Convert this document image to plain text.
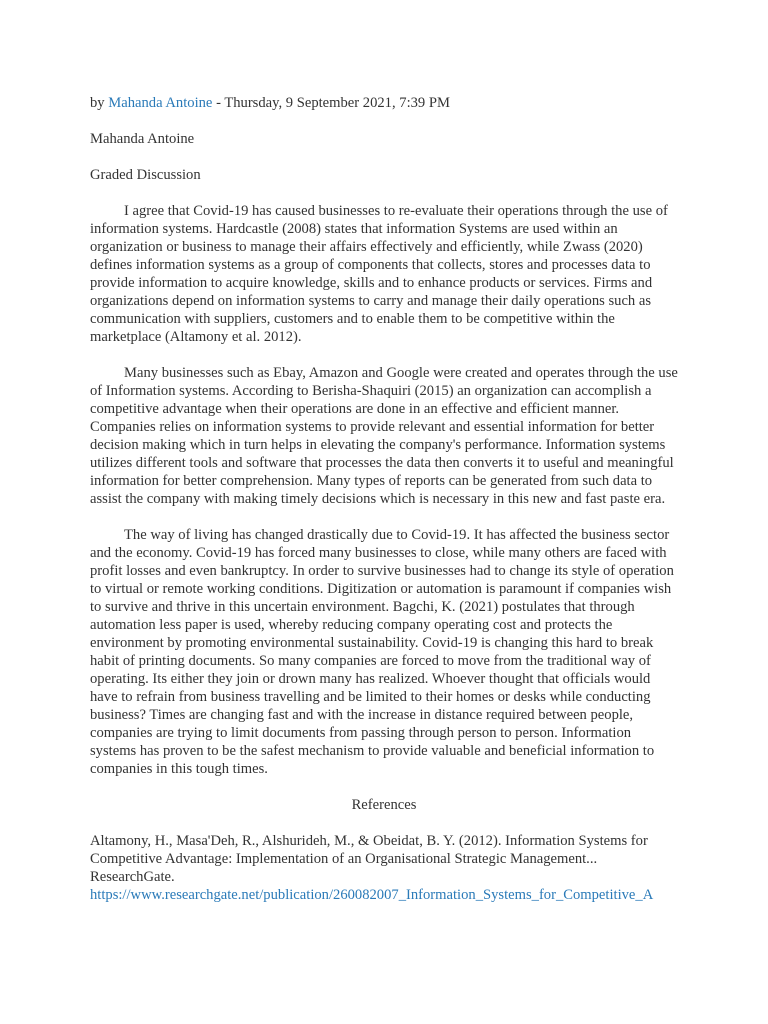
by Mahanda Antoine - Thursday, 9 September 2021, 7:39 PM
Mahanda Antoine
Graded Discussion

I agree that Covid-19 has caused businesses to re-evaluate their operations through the use of information systems. Hardcastle (2008) states that information Systems are used within an organization or business to manage their affairs effectively and efficiently, while Zwass (2020) defines information systems as a group of components that collects, stores and processes data to provide information to acquire knowledge, skills and to enhance products or services. Firms and organizations depend on information systems to carry and manage their daily operations such as communication with suppliers, customers and to enable them to be competitive within the marketplace (Altamony et al. 2012).

Many businesses such as Ebay, Amazon and Google were created and operates through the use of Information systems. According to Berisha-Shaquiri (2015) an organization can accomplish a competitive advantage when their operations are done in an effective and efficient manner. Companies relies on information systems to provide relevant and essential information for better decision making which in turn helps in elevating the company's performance. Information systems utilizes different tools and software that processes the data then converts it to useful and meaningful information for better comprehension. Many types of reports can be generated from such data to assist the company with making timely decisions which is necessary in this new and fast paste era.

The way of living has changed drastically due to Covid-19. It has affected the business sector and the economy. Covid-19 has forced many businesses to close, while many others are faced with profit losses and even bankruptcy. In order to survive businesses had to change its style of operation to virtual or remote working conditions. Digitization or automation is paramount if companies wish to survive and thrive in this uncertain environment. Bagchi, K. (2021) postulates that through automation less paper is used, whereby reducing company operating cost and protects the environment by promoting environmental sustainability. Covid-19 is changing this hard to break habit of printing documents. So many companies are forced to move from the traditional way of operating. Its either they join or drown many has realized. Whoever thought that officials would have to refrain from business travelling and be limited to their homes or desks while conducting business? Times are changing fast and with the increase in distance required between people, companies are trying to limit documents from passing through person to person. Information systems has proven to be the safest mechanism to provide valuable and beneficial information to companies in this tough times.

References
Altamony, H., Masa'Deh, R., Alshurideh, M., & Obeidat, B. Y. (2012). Information Systems for Competitive Advantage: Implementation of an Organisational Strategic Management... ResearchGate.
https://www.researchgate.net/publication/260082007_Information_Systems_for_Competitive_A
